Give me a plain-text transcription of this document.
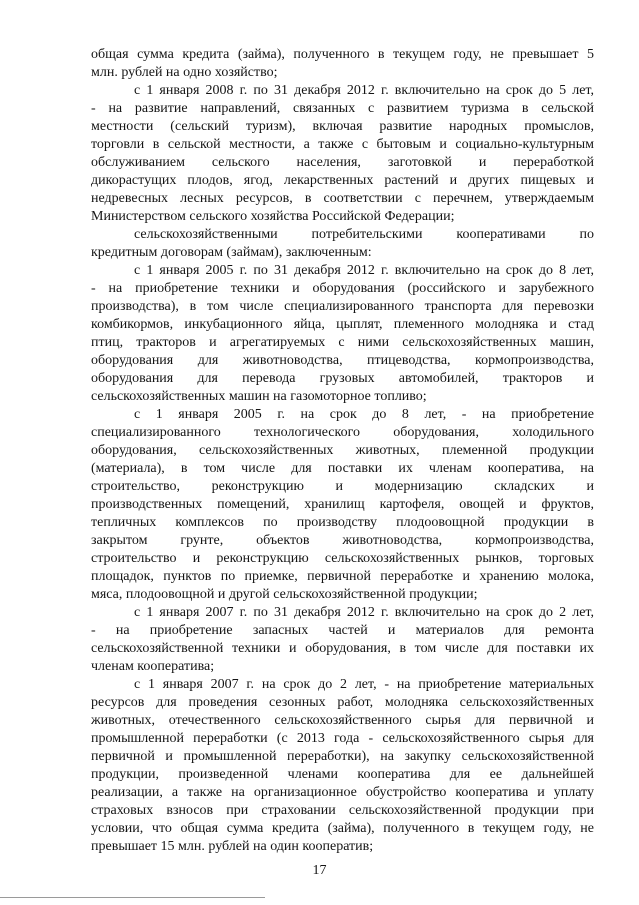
общая сумма кредита (займа), полученного в текущем году, не превышает 5
млн. рублей на одно хозяйство;
с 1 января 2008 г. по 31 декабря 2012 г. включительно на срок до 5 лет,
- на развитие направлений, связанных с развитием туризма в сельской
местности (сельский туризм), включая развитие народных промыслов,
торговли в сельской местности, а также с бытовым и социально-культурным
обслуживанием сельского населения, заготовкой и переработкой
дикорастущих плодов, ягод, лекарственных растений и других пищевых и
недревесных лесных ресурсов, в соответствии с перечнем, утверждаемым
Министерством сельского хозяйства Российской Федерации;
сельскохозяйственными потребительскими кооперативами по
кредитным договорам (займам), заключенным:
с 1 января 2005 г. по 31 декабря 2012 г. включительно на срок до 8 лет,
- на приобретение техники и оборудования (российского и зарубежного
производства), в том числе специализированного транспорта для перевозки
комбикормов, инкубационного яйца, цыплят, племенного молодняка и стад
птиц, тракторов и агрегатируемых с ними сельскохозяйственных машин,
оборудования для животноводства, птицеводства, кормопроизводства,
оборудования для перевода грузовых автомобилей, тракторов и
сельскохозяйственных машин на газомоторное топливо;
с 1 января 2005 г. на срок до 8 лет, - на приобретение
специализированного технологического оборудования, холодильного
оборудования, сельскохозяйственных животных, племенной продукции
(материала), в том числе для поставки их членам кооператива, на
строительство, реконструкцию и модернизацию складских и
производственных помещений, хранилищ картофеля, овощей и фруктов,
тепличных комплексов по производству плодоовощной продукции в
закрытом грунте, объектов животноводства, кормопроизводства,
строительство и реконструкцию сельскохозяйственных рынков, торговых
площадок, пунктов по приемке, первичной переработке и хранению молока,
мяса, плодоовощной и другой сельскохозяйственной продукции;
с 1 января 2007 г. по 31 декабря 2012 г. включительно на срок до 2 лет,
- на приобретение запасных частей и материалов для ремонта
сельскохозяйственной техники и оборудования, в том числе для поставки их
членам кооператива;
с 1 января 2007 г. на срок до 2 лет, - на приобретение материальных
ресурсов для проведения сезонных работ, молодняка сельскохозяйственных
животных, отечественного сельскохозяйственного сырья для первичной и
промышленной переработки (с 2013 года - сельскохозяйственного сырья для
первичной и промышленной переработки), на закупку сельскохозяйственной
продукции, произведенной членами кооператива для ее дальнейшей
реализации, а также на организационное обустройство кооператива и уплату
страховых взносов при страховании сельскохозяйственной продукции при
условии, что общая сумма кредита (займа), полученного в текущем году, не
превышает 15 млн. рублей на один кооператив;
17
